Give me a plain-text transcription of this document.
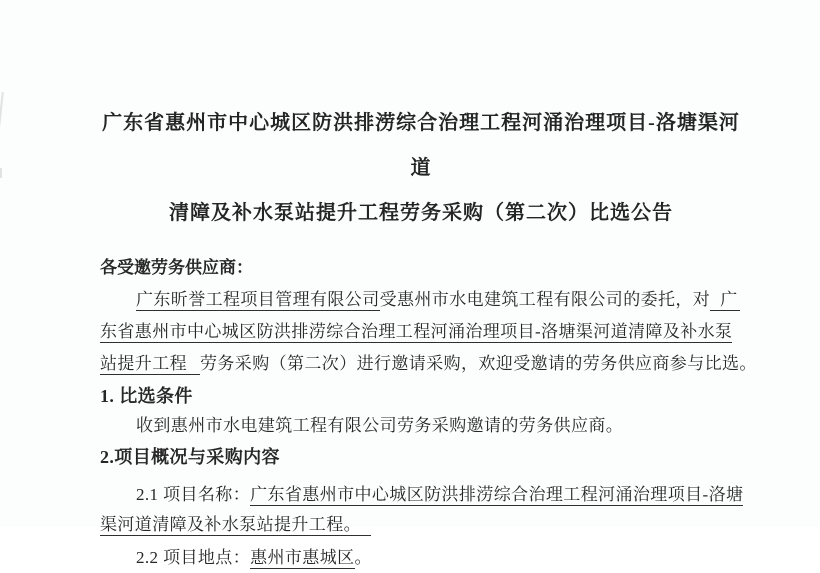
广东省惠州市中心城区防洪排涝综合治理工程河涌治理项目-洛塘渠河道
清障及补水泵站提升工程劳务采购（第二次）比选公告
各受邀劳务供应商：
广东昕誉工程项目管理有限公司受惠州市水电建筑工程有限公司的委托，对 广
东省惠州市中心城区防洪排涝综合治理工程河涌治理项目-洛塘渠河道清障及补水泵
站提升工程 劳务采购（第二次）进行邀请采购，欢迎受邀请的劳务供应商参与比选。
1. 比选条件
收到惠州市水电建筑工程有限公司劳务采购邀请的劳务供应商。
2.项目概况与采购内容
2.1 项目名称：广东省惠州市中心城区防洪排涝综合治理工程河涌治理项目-洛塘
渠河道清障及补水泵站提升工程。
2.2 项目地点：惠州市惠城区。
